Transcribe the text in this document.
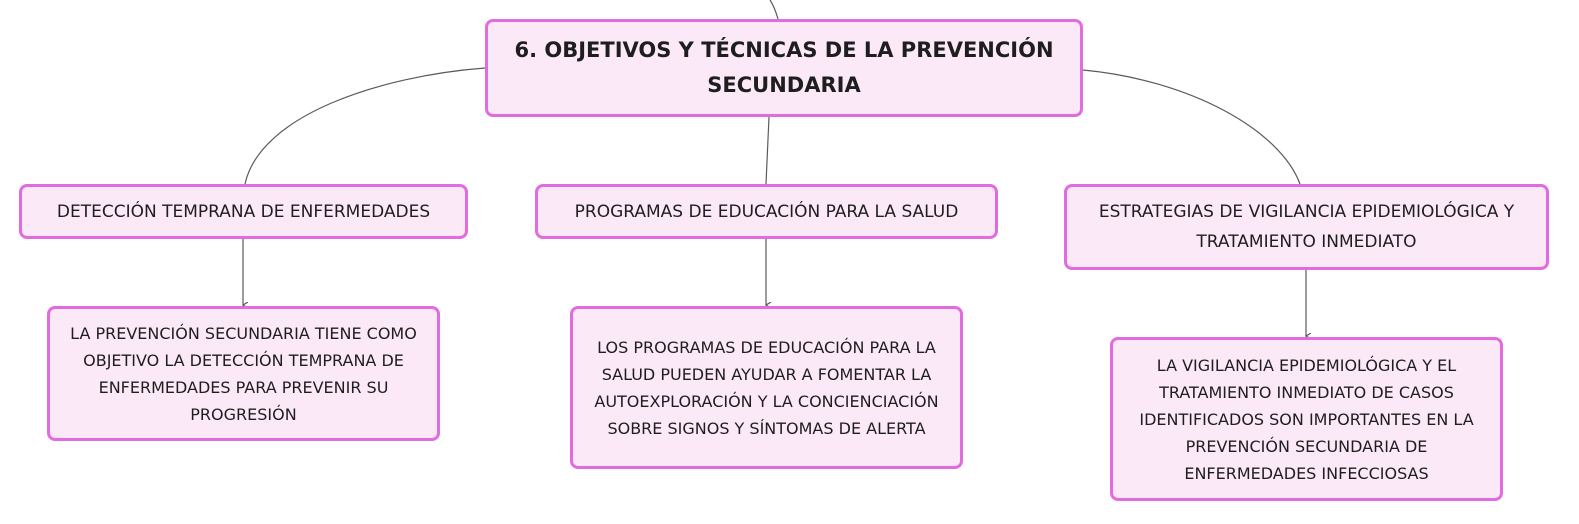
6. OBJETIVOS Y TÉCNICAS DE LA PREVENCIÓN
SECUNDARIA
DETECCIÓN TEMPRANA DE ENFERMEDADES	PROGRAMAS DE EDUCACIÓN PARA LA SALUD	ESTRATEGIAS DE VIGILANCIA EPIDEMIOLÓGICA Y
TRATAMIENTO INMEDIATO
LA PREVENCIÓN SECUNDARIA TIENE COMO
OBJETIVO LA DETECCIÓN TEMPRANA DE
ENFERMEDADES PARA PREVENIR SU
PROGRESIÓN
LOS PROGRAMAS DE EDUCACIÓN PARA LA
SALUD PUEDEN AYUDAR A FOMENTAR LA
AUTOEXPLORACIÓN Y LA CONCIENCIACIÓN
SOBRE SIGNOS Y SÍNTOMAS DE ALERTA
LA VIGILANCIA EPIDEMIOLÓGICA Y EL
TRATAMIENTO INMEDIATO DE CASOS
IDENTIFICADOS SON IMPORTANTES EN LA
PREVENCIÓN SECUNDARIA DE
ENFERMEDADES INFECCIOSAS
